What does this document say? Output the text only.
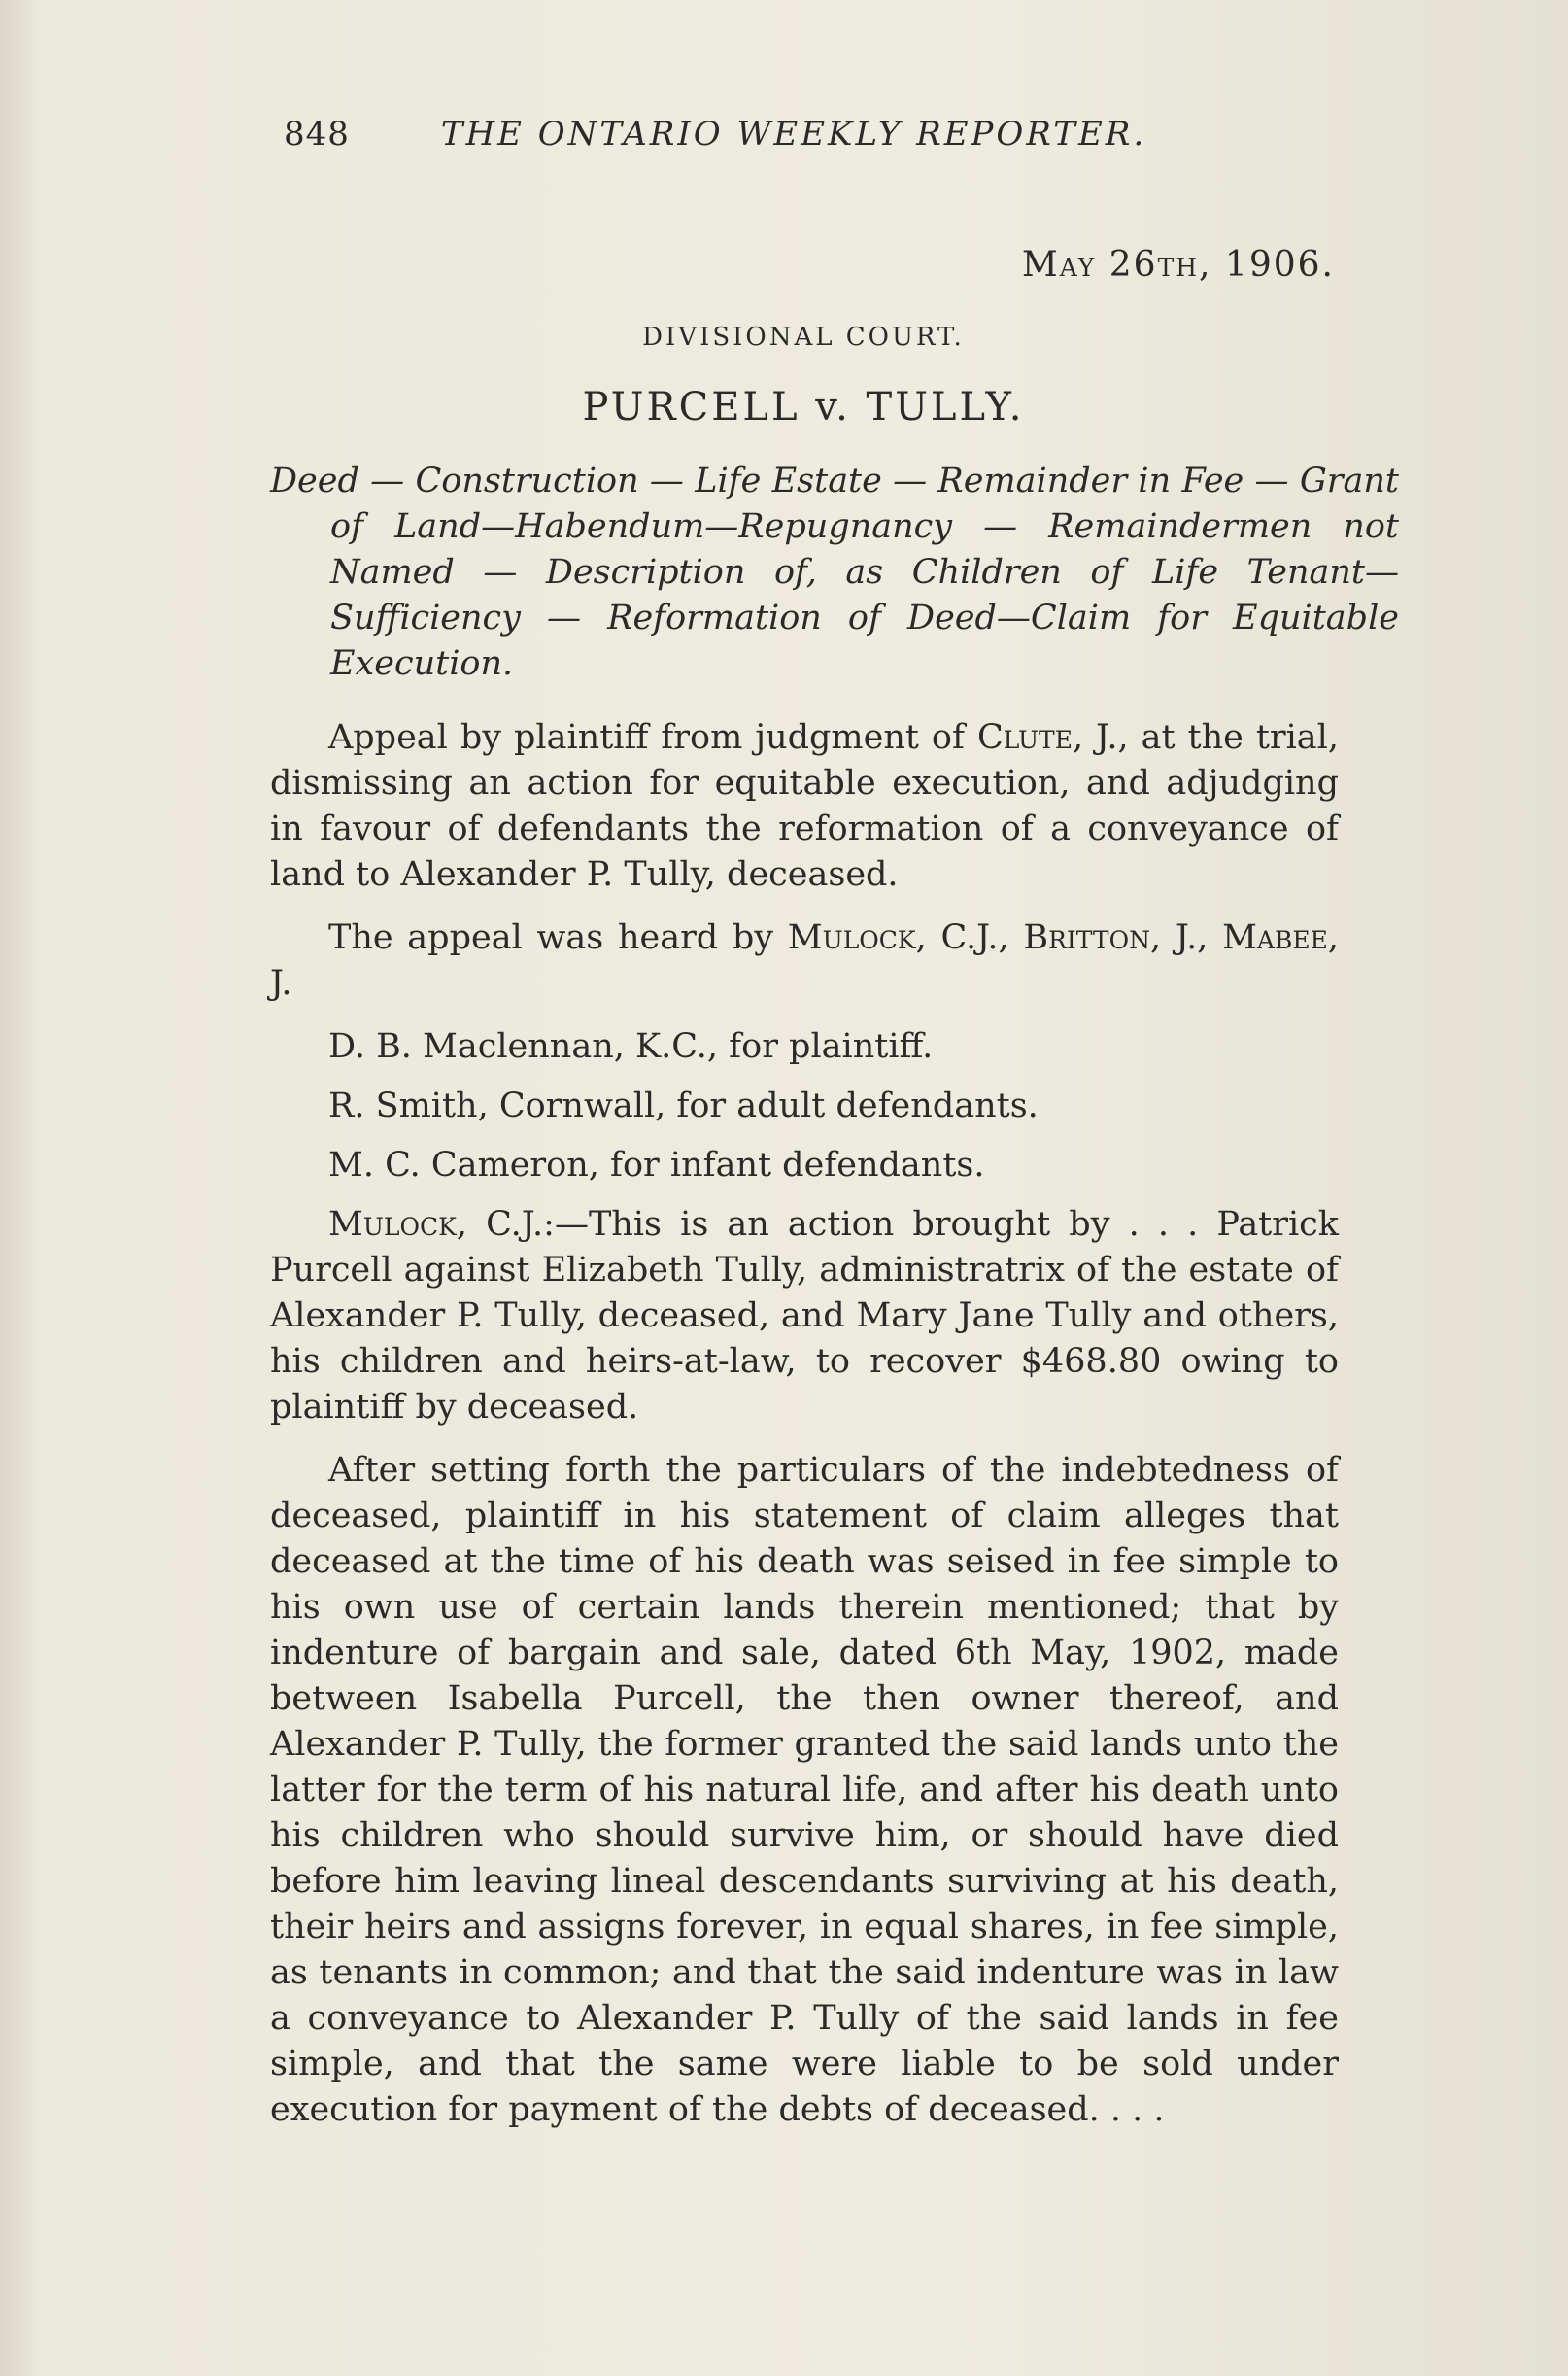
848	THE ONTARIO WEEKLY REPORTER.
May 26th, 1906.
DIVISIONAL COURT.
PURCELL v. TULLY.
Deed — Construction — Life Estate — Remainder in Fee — Grant of Land—Habendum—Repugnancy — Remaindermen not Named — Description of, as Children of Life Tenant—Sufficiency — Reformation of Deed—Claim for Equitable Execution.

Appeal by plaintiff from judgment of Clute, J., at the trial, dismissing an action for equitable execution, and adjudging in favour of defendants the reformation of a conveyance of land to Alexander P. Tully, deceased.

The appeal was heard by Mulock, C.J., Britton, J., Mabee, J.

D. B. Maclennan, K.C., for plaintiff.

R. Smith, Cornwall, for adult defendants.

M. C. Cameron, for infant defendants.

Mulock, C.J.:—This is an action brought by . . . Patrick Purcell against Elizabeth Tully, administratrix of the estate of Alexander P. Tully, deceased, and Mary Jane Tully and others, his children and heirs-at-law, to recover $468.80 owing to plaintiff by deceased.

After setting forth the particulars of the indebtedness of deceased, plaintiff in his statement of claim alleges that deceased at the time of his death was seised in fee simple to his own use of certain lands therein mentioned; that by indenture of bargain and sale, dated 6th May, 1902, made between Isabella Purcell, the then owner thereof, and Alexander P. Tully, the former granted the said lands unto the latter for the term of his natural life, and after his death unto his children who should survive him, or should have died before him leaving lineal descendants surviving at his death, their heirs and assigns forever, in equal shares, in fee simple, as tenants in common; and that the said indenture was in law a conveyance to Alexander P. Tully of the said lands in fee simple, and that the same were liable to be sold under execution for payment of the debts of deceased. . . .
